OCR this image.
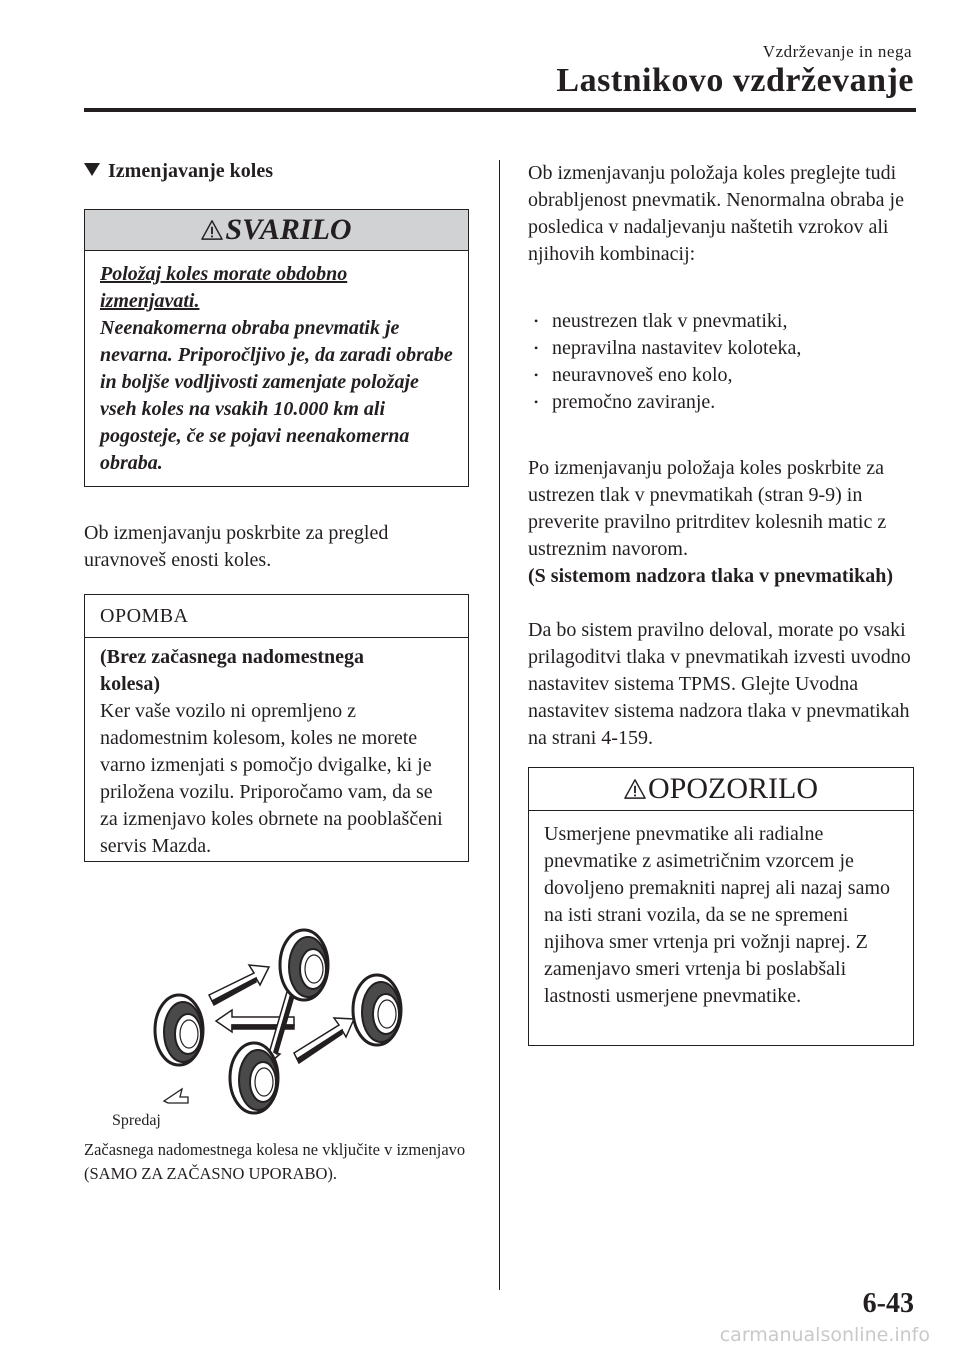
Vzdrževanje in nega
Lastnikovo vzdrževanje
Izmenjavanje koles
SVARILO
Položaj koles morate obdobno izmenjavati.
Neenakomerna obraba pnevmatik je nevarna. Priporočljivo je, da zaradi obrabe in boljše vodljivosti zamenjate položaje vseh koles na vsakih 10.000 km ali pogosteje, če se pojavi neenakomerna obraba.
Ob izmenjavanju poskrbite za pregled uravnoveš enosti koles.
OPOMBA
(Brez začasnega nadomestnega kolesa)
Ker vaše vozilo ni opremljeno z nadomestnim kolesom, koles ne morete varno izmenjati s pomočjo dvigalke, ki je priložena vozilu. Priporočamo vam, da se za izmenjavo koles obrnete na pooblaščeni servis Mazda.
Spredaj
Začasnega nadomestnega kolesa ne vključite v izmenjavo (SAMO ZA ZAČASNO UPORABO).
Ob izmenjavanju položaja koles preglejte tudi obrabljenost pnevmatik. Nenormalna obraba je posledica v nadaljevanju naštetih vzrokov ali njihovih kombinacij:
• neustrezen tlak v pnevmatiki,
• nepravilna nastavitev koloteka,
• neuravnoveš eno kolo,
• premočno zaviranje.
Po izmenjavanju položaja koles poskrbite za ustrezen tlak v pnevmatikah (stran 9-9) in preverite pravilno pritrditev kolesnih matic z ustreznim navorom.
(S sistemom nadzora tlaka v pnevmatikah)
Da bo sistem pravilno deloval, morate po vsaki prilagoditvi tlaka v pnevmatikah izvesti uvodno nastavitev sistema TPMS. Glejte Uvodna nastavitev sistema nadzora tlaka v pnevmatikah na strani 4-159.
OPOZORILO
Usmerjene pnevmatike ali radialne pnevmatike z asimetričnim vzorcem je dovoljeno premakniti naprej ali nazaj samo na isti strani vozila, da se ne spremeni njihova smer vrtenja pri vožnji naprej. Z zamenjavo smeri vrtenja bi poslabšali lastnosti usmerjene pnevmatike.
6-43
carmanualsonline.info
